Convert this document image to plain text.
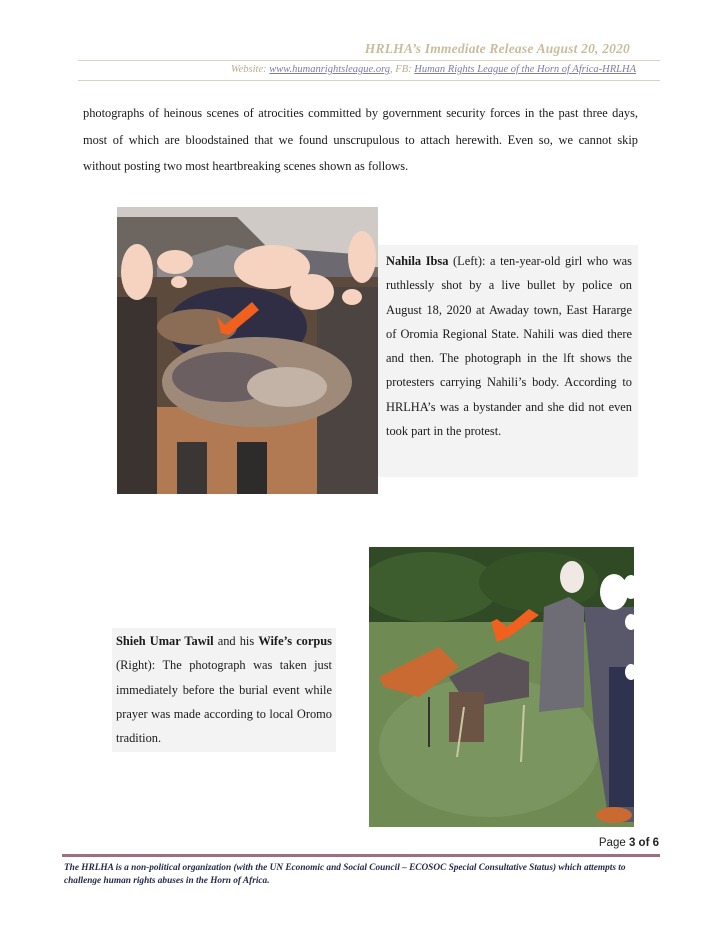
HRLHA’s Immediate Release August 20, 2020
Website: www.humanrightsleague.org, FB: Human Rights League of the Horn of Africa-HRLHA

photographs of heinous scenes of atrocities committed by government security forces in the past three days, most of which are bloodstained that we found unscrupulous to attach herewith. Even so, we cannot skip without posting two most heartbreaking scenes shown as follows.

Nahila Ibsa (Left): a ten-year-old girl who was ruthlessly shot by a live bullet by police on August 18, 2020 at Awaday town, East Hararge of Oromia Regional State. Nahili was died there and then. The photograph in the lft shows the protesters carrying Nahili’s body. According to HRLHA’s was a bystander and she did not even took part in the protest.
Shieh Umar Tawil and his Wife’s corpus (Right): The photograph was taken just immediately before the burial event while prayer was made according to local Oromo tradition.
Page 3 of 6
The HRLHA is a non-political organization (with the UN Economic and Social Council – ECOSOC Special Consultative Status) which attempts to challenge human rights abuses in the Horn of Africa.
